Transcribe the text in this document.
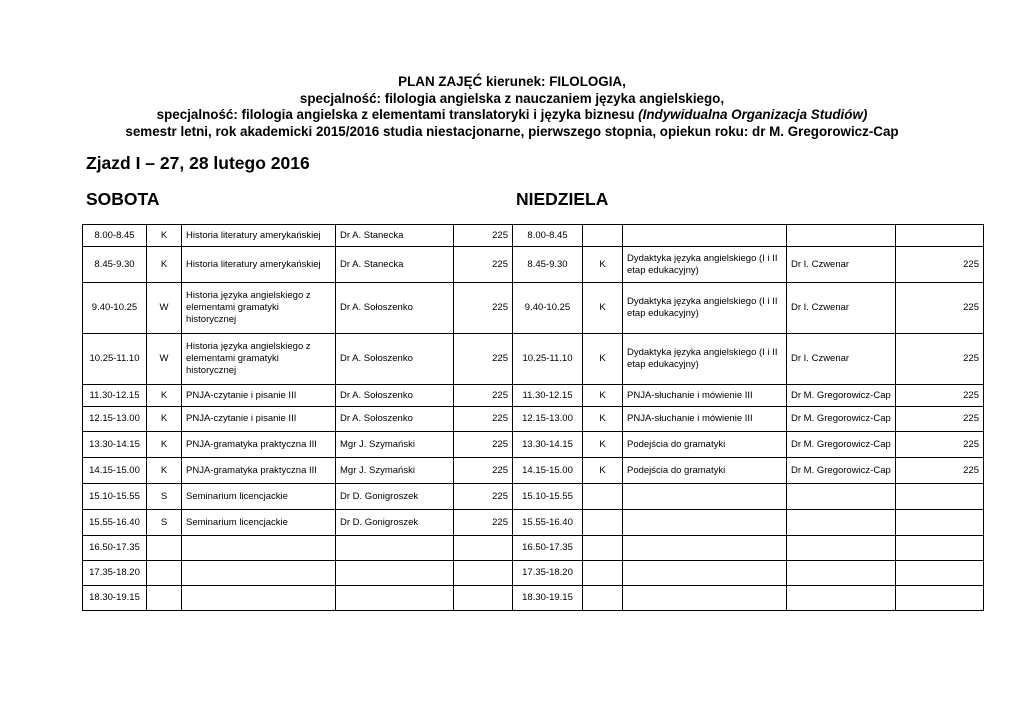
PLAN ZAJĘĆ kierunek: FILOLOGIA,
specjalność: filologia angielska z nauczaniem języka angielskiego,
specjalność: filologia angielska z elementami translatoryki i języka biznesu (Indywidualna Organizacja Studiów)
semestr letni, rok akademicki 2015/2016 studia niestacjonarne, pierwszego stopnia, opiekun roku: dr M. Gregorowicz-Cap
Zjazd I – 27, 28 lutego 2016
SOBOTA	NIEDZIELA
8.00-8.45	K	Historia literatury amerykańskiej	Dr A. Stanecka	225	8.00-8.45				
8.45-9.30	K	Historia literatury amerykańskiej	Dr A. Stanecka	225	8.45-9.30	K	Dydaktyka języka angielskiego (I i II etap edukacyjny)	Dr I. Czwenar	225
9.40-10.25	W	Historia języka angielskiego z elementami gramatyki historycznej	Dr A. Sołoszenko	225	9.40-10.25	K	Dydaktyka języka angielskiego (I i II etap edukacyjny)	Dr I. Czwenar	225
10.25-11.10	W	Historia języka angielskiego z elementami gramatyki historycznej	Dr A. Sołoszenko	225	10.25-11.10	K	Dydaktyka języka angielskiego (I i II etap edukacyjny)	Dr I. Czwenar	225
11.30-12.15	K	PNJA-czytanie i pisanie III	Dr A. Sołoszenko	225	11.30-12.15	K	PNJA-słuchanie i mówienie III	Dr M. Gregorowicz-Cap	225
12.15-13.00	K	PNJA-czytanie i pisanie III	Dr A. Sołoszenko	225	12.15-13.00	K	PNJA-słuchanie i mówienie III	Dr M. Gregorowicz-Cap	225
13.30-14.15	K	PNJA-gramatyka praktyczna III	Mgr J. Szymański	225	13.30-14.15	K	Podejścia do gramatyki	Dr M. Gregorowicz-Cap	225
14.15-15.00	K	PNJA-gramatyka praktyczna III	Mgr J. Szymański	225	14.15-15.00	K	Podejścia do gramatyki	Dr M. Gregorowicz-Cap	225
15.10-15.55	S	Seminarium licencjackie	Dr D. Gonigroszek	225	15.10-15.55				
15.55-16.40	S	Seminarium licencjackie	Dr D. Gonigroszek	225	15.55-16.40				
16.50-17.35					16.50-17.35				
17.35-18.20					17.35-18.20				
18.30-19.15					18.30-19.15				
